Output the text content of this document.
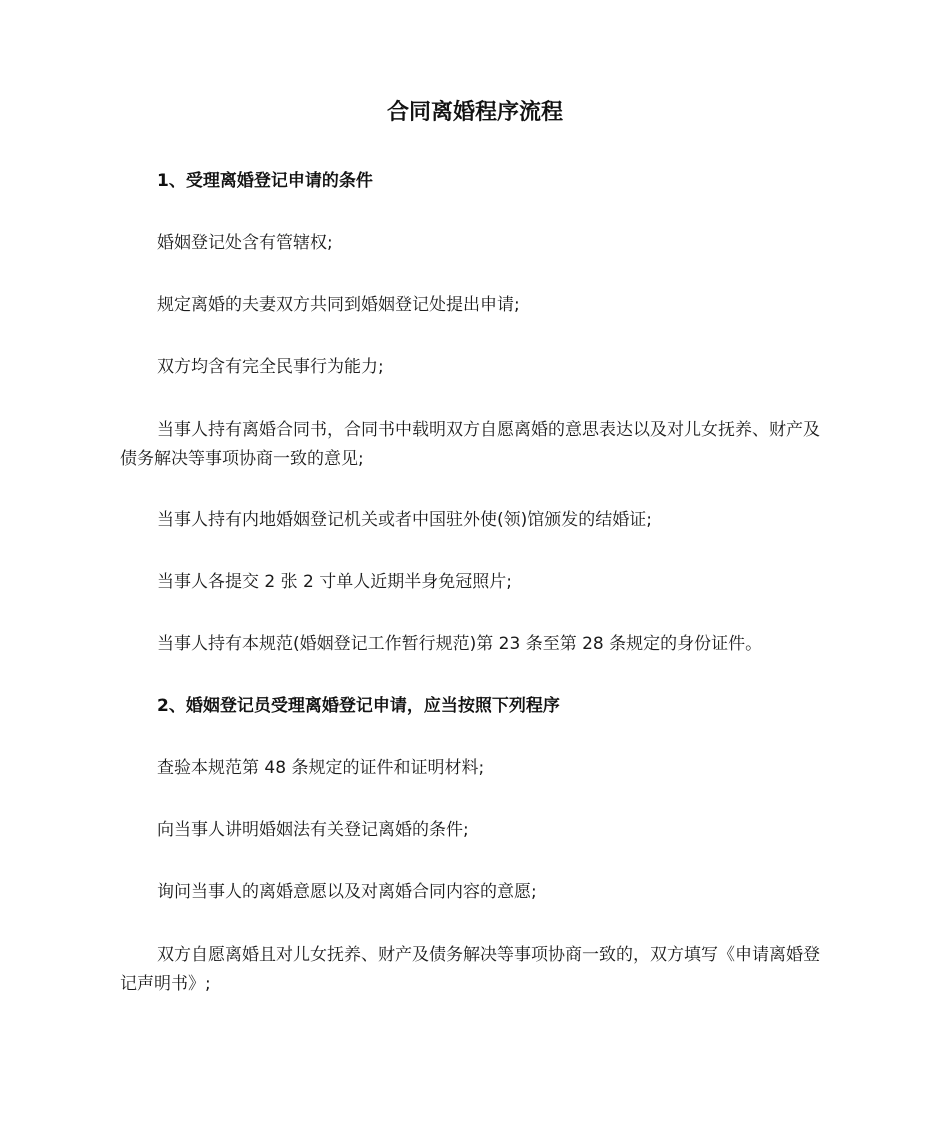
合同离婚程序流程

1、受理离婚登记申请的条件

婚姻登记处含有管辖权;

规定离婚的夫妻双方共同到婚姻登记处提出申请;

双方均含有完全民事行为能力;

当事人持有离婚合同书，合同书中载明双方自愿离婚的意思表达以及对儿女抚养、财产及债务解决等事项协商一致的意见;

当事人持有内地婚姻登记机关或者中国驻外使(领)馆颁发的结婚证;

当事人各提交 2 张 2 寸单人近期半身免冠照片;

当事人持有本规范(婚姻登记工作暂行规范)第 23 条至第 28 条规定的身份证件。

2、婚姻登记员受理离婚登记申请，应当按照下列程序

查验本规范第 48 条规定的证件和证明材料;

向当事人讲明婚姻法有关登记离婚的条件;

询问当事人的离婚意愿以及对离婚合同内容的意愿;

双方自愿离婚且对儿女抚养、财产及债务解决等事项协商一致的，双方填写《申请离婚登记声明书》;
